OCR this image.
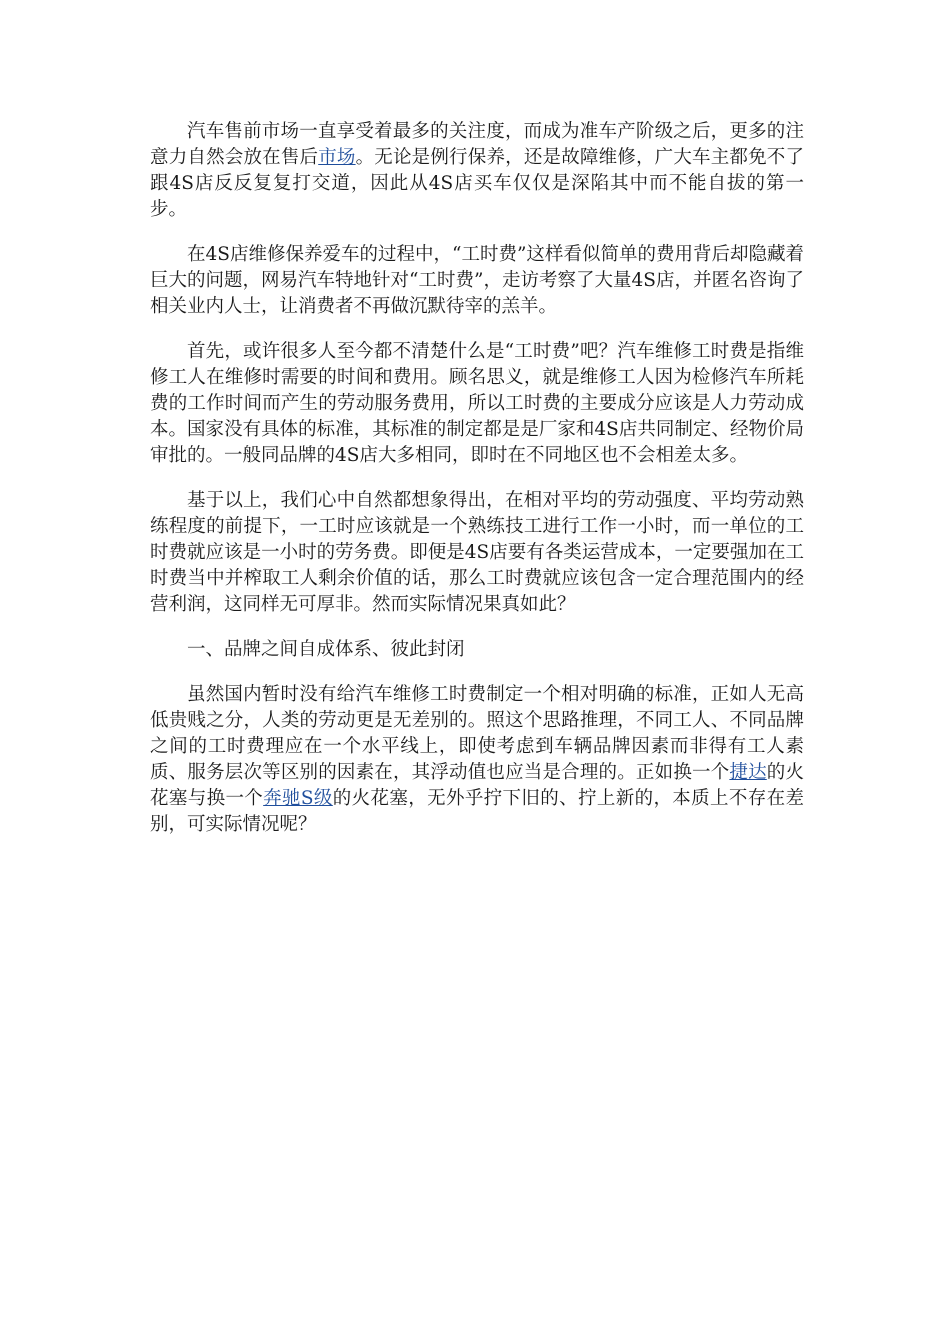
汽车售前市场一直享受着最多的关注度，而成为准车产阶级之后，更多的注意力自然会放在售后市场。无论是例行保养，还是故障维修，广大车主都免不了跟4S店反反复复打交道，因此从4S店买车仅仅是深陷其中而不能自拔的第一步。

在4S店维修保养爱车的过程中，“工时费”这样看似简单的费用背后却隐藏着巨大的问题，网易汽车特地针对“工时费”，走访考察了大量4S店，并匿名咨询了相关业内人士，让消费者不再做沉默待宰的羔羊。

首先，或许很多人至今都不清楚什么是“工时费”吧？汽车维修工时费是指维修工人在维修时需要的时间和费用。顾名思义，就是维修工人因为检修汽车所耗费的工作时间而产生的劳动服务费用，所以工时费的主要成分应该是人力劳动成本。国家没有具体的标准，其标准的制定都是是厂家和4S店共同制定、经物价局审批的。一般同品牌的4S店大多相同，即时在不同地区也不会相差太多。

基于以上，我们心中自然都想象得出，在相对平均的劳动强度、平均劳动熟练程度的前提下，一工时应该就是一个熟练技工进行工作一小时，而一单位的工时费就应该是一小时的劳务费。即便是4S店要有各类运营成本，一定要强加在工时费当中并榨取工人剩余价值的话，那么工时费就应该包含一定合理范围内的经营利润，这同样无可厚非。然而实际情况果真如此？

一、品牌之间自成体系、彼此封闭

虽然国内暂时没有给汽车维修工时费制定一个相对明确的标准，正如人无高低贵贱之分，人类的劳动更是无差别的。照这个思路推理，不同工人、不同品牌之间的工时费理应在一个水平线上，即使考虑到车辆品牌因素而非得有工人素质、服务层次等区别的因素在，其浮动值也应当是合理的。正如换一个捷达的火花塞与换一个奔驰S级的火花塞，无外乎拧下旧的、拧上新的，本质上不存在差别，可实际情况呢？
